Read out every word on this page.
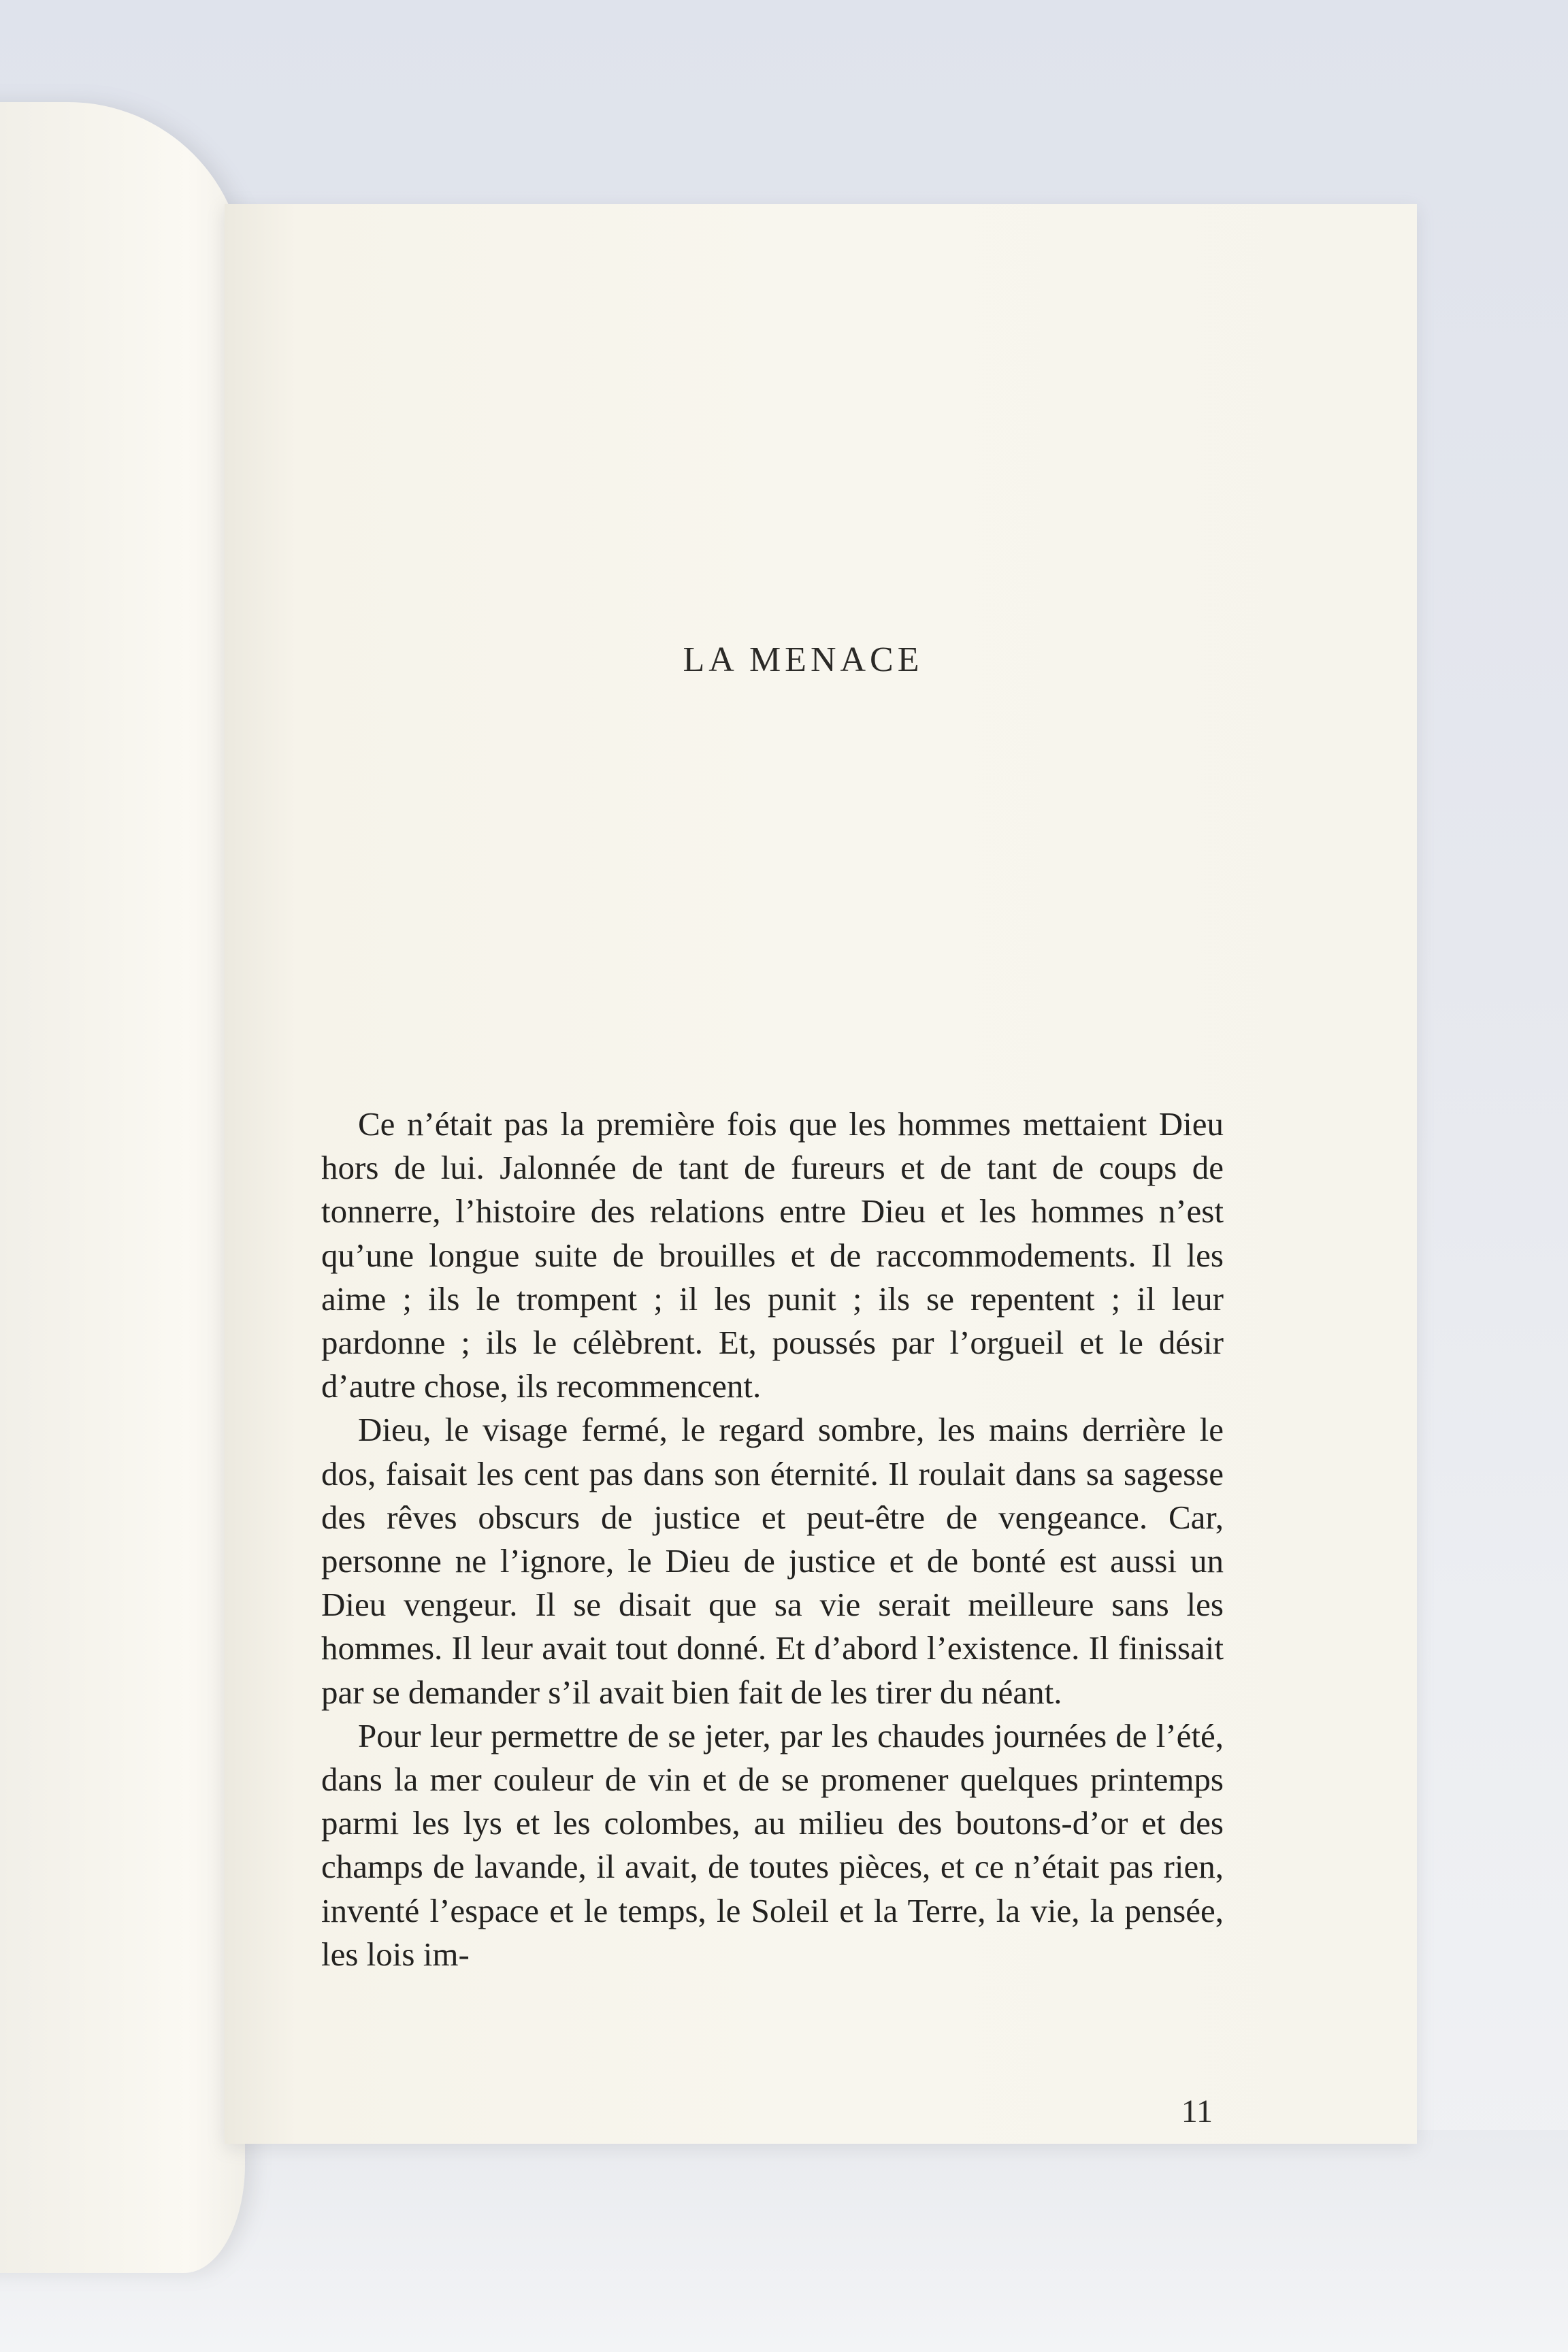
LA MENACE

Ce n’était pas la première fois que les hommes mettaient Dieu hors de lui. Jalonnée de tant de fureurs et de tant de coups de tonnerre, l’histoire des relations entre Dieu et les hommes n’est qu’une longue suite de brouilles et de raccommodements. Il les aime ; ils le trompent ; il les punit ; ils se repentent ; il leur pardonne ; ils le célèbrent. Et, poussés par l’orgueil et le désir d’autre chose, ils recommencent.

Dieu, le visage fermé, le regard sombre, les mains derrière le dos, faisait les cent pas dans son éternité. Il roulait dans sa sagesse des rêves obscurs de justice et peut-être de vengeance. Car, personne ne l’ignore, le Dieu de justice et de bonté est aussi un Dieu vengeur. Il se disait que sa vie serait meilleure sans les hommes. Il leur avait tout donné. Et d’abord l’existence. Il finissait par se demander s’il avait bien fait de les tirer du néant.

Pour leur permettre de se jeter, par les chaudes journées de l’été, dans la mer couleur de vin et de se promener quelques printemps parmi les lys et les colombes, au milieu des boutons-d’or et des champs de lavande, il avait, de toutes pièces, et ce n’était pas rien, inventé l’espace et le temps, le Soleil et la Terre, la vie, la pensée, les lois im-

11
